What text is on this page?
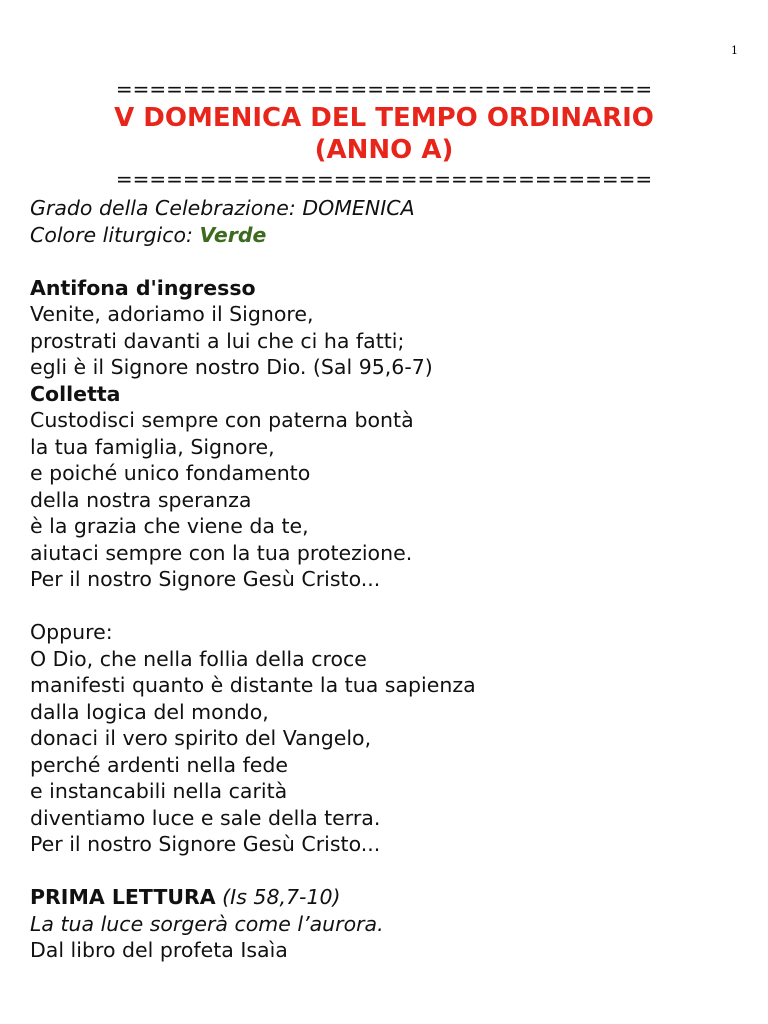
1
================================
V DOMENICA DEL TEMPO ORDINARIO
(ANNO A)
================================
Grado della Celebrazione: DOMENICA
Colore liturgico: Verde
Antifona d'ingresso
Venite, adoriamo il Signore,
prostrati davanti a lui che ci ha fatti;
egli è il Signore nostro Dio. (Sal 95,6-7)
Colletta
Custodisci sempre con paterna bontà
la tua famiglia, Signore,
e poiché unico fondamento
della nostra speranza
è la grazia che viene da te,
aiutaci sempre con la tua protezione.
Per il nostro Signore Gesù Cristo...
Oppure:
O Dio, che nella follia della croce
manifesti quanto è distante la tua sapienza
dalla logica del mondo,
donaci il vero spirito del Vangelo,
perché ardenti nella fede
e instancabili nella carità
diventiamo luce e sale della terra.
Per il nostro Signore Gesù Cristo...
PRIMA LETTURA (Is 58,7-10)
La tua luce sorgerà come l’aurora.
Dal libro del profeta Isaìa
